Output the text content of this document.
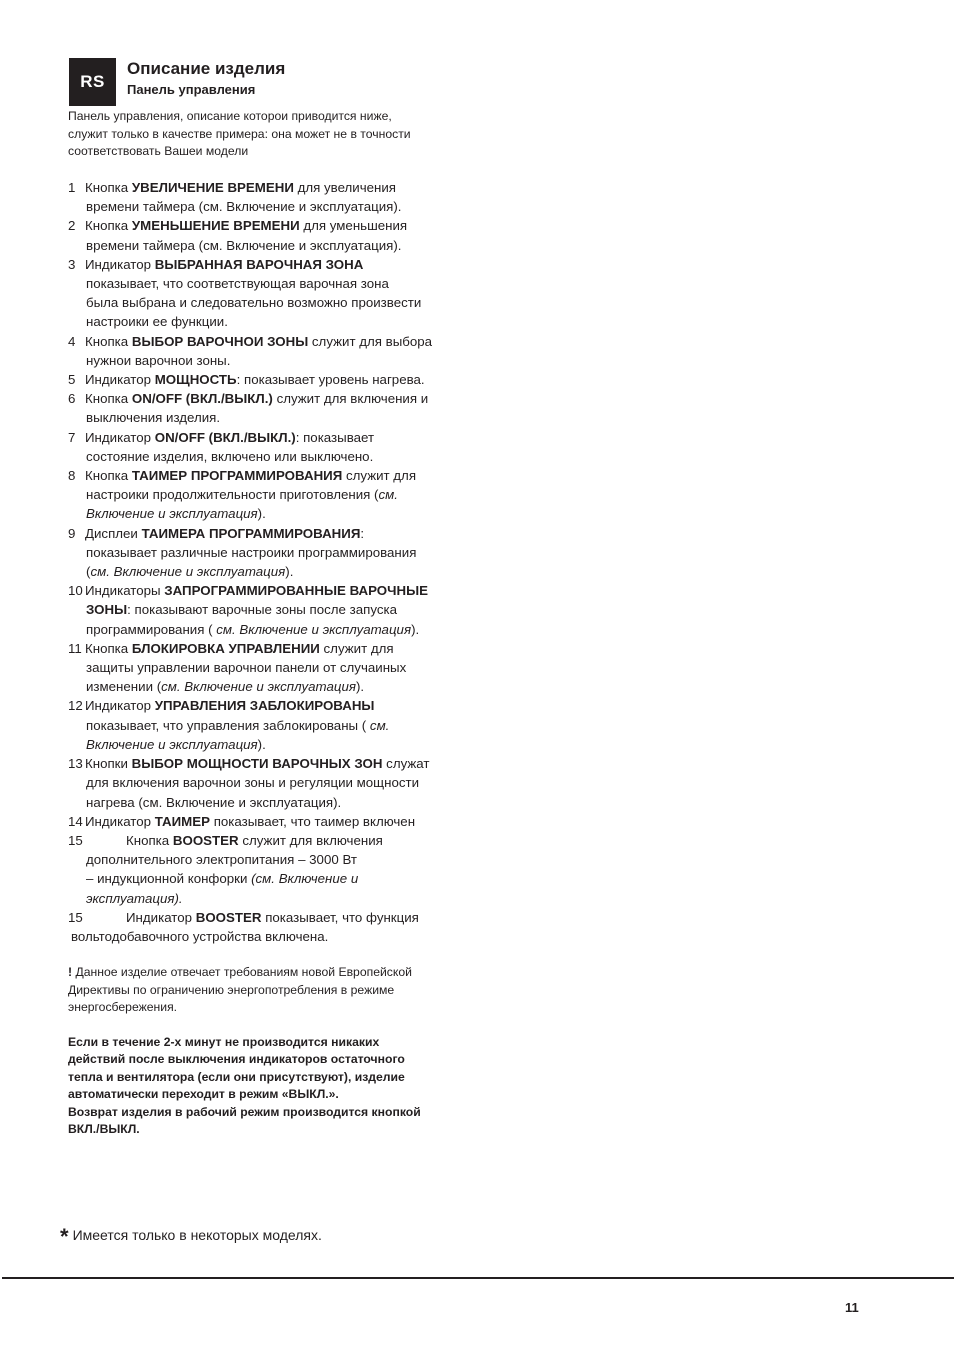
RS
Описание изделия
Панель управления
Панель управления, описание которои приводится ниже,
служит только в качестве примера: она может не в точности
соответствовать Вашеи модели
1 Кнопка УВЕЛИЧЕНИЕ ВРЕМЕНИ для увеличения
времени таймера (см. Включение и эксплуатация).
2 Кнопка УМЕНЬШЕНИЕ ВРЕМЕНИ для уменьшения
времени таймера (см. Включение и эксплуатация).
3 Индикатор ВЫБРАННАЯ ВАРОЧНАЯ ЗОНА
показывает, что соответствующая варочная зона
была выбрана и следовательно возможно произвести
настроики ее функции.
4 Кнопка ВЫБОР ВАРОЧНОИ ЗОНЫ служит для выбора
нужнои варочнои зоны.
5 Индикатор МОЩНОСТЬ: показывает уровень нагрева.
6 Кнопка ON/OFF (ВКЛ./ВЫКЛ.) служит для включения и
выключения изделия.
7 Индикатор ON/OFF (ВКЛ./ВЫКЛ.): показывает
состояние изделия, включено или выключено.
8 Кнопка ТАИМЕР ПРОГРАММИРОВАНИЯ служит для
настроики продолжительности приготовления (см.
Включение и эксплуатация).
9 Дисплеи ТАИМЕРА ПРОГРАММИРОВАНИЯ:
показывает различные настроики программирования
(см. Включение и эксплуатация).
10 Индикаторы ЗАПРОГРАММИРОВАННЫЕ ВАРОЧНЫЕ
ЗОНЫ: показывают варочные зоны после запуска
программирования ( см. Включение и эксплуатация).
11 Кнопка БЛОКИРОВКА УПРАВЛЕНИИ служит для
защиты управлении варочнои панели от случаиных
изменении (см. Включение и эксплуатация).
12 Индикатор УПРАВЛЕНИЯ ЗАБЛОКИРОВАНЫ
показывает, что управления заблокированы ( см.
Включение и эксплуатация).
13 Кнопки ВЫБОР МОЩНОСТИ ВАРОЧНЫХ ЗОН служат
для включения варочнои зоны и регуляции мощности
нагрева (см. Включение и эксплуатация).
14 Индикатор ТАИМЕР показывает, что таимер включен
15	Кнопка BOOSTER служит для включения
дополнительного электропитания – 3000 Вт
– индукционной конфорки (см. Включение и
эксплуатация).
15	Индикатор BOOSTER показывает, что функция
вольтодобавочного устройства включена.
! Данное изделие отвечает требованиям новой Европейской
Директивы по ограничению энергопотребления в режиме
энергосбережения.
Если в течение 2-х минут не производится никаких
действий после выключения индикаторов остаточного
тепла и вентилятора (если они присутствуют), изделие
автоматически переходит в режим «ВЫКЛ.».
Возврат изделия в рабочий режим производится кнопкой
ВКЛ./ВЫКЛ.
* Имеется только в некоторых моделях.
11
